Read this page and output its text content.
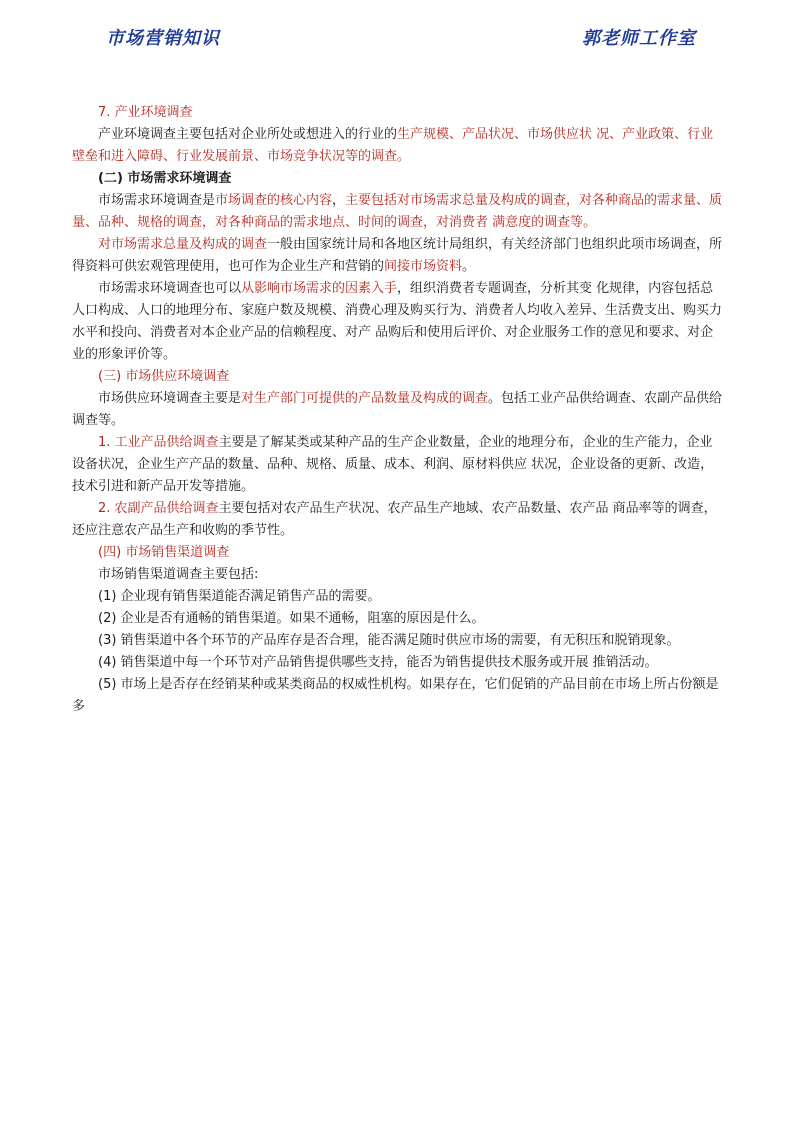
市场营销知识	郭老师工作室

7. 产业环境调查

产业环境调查主要包括对企业所处或想进入的行业的生产规模、产品状况、市场供应状 况、产业政策、行业壁垒和进入障碍、行业发展前景、市场竞争状况等的调查。

(二) 市场需求环境调查

市场需求环境调查是市场调查的核心内容，主要包括对市场需求总量及构成的调查，对各种商品的需求量、质量、品种、规格的调查，对各种商品的需求地点、时间的调查，对消费者 满意度的调查等。

对市场需求总量及构成的调查一般由国家统计局和各地区统计局组织，有关经济部门也组织此项市场调查，所得资料可供宏观管理使用，也可作为企业生产和营销的间接市场资料。

市场需求环境调查也可以从影响市场需求的因素入手，组织消费者专题调查，分析其变 化规律，内容包括总人口构成、人口的地理分布、家庭户数及规模、消费心理及购买行为、消费者人均收入差异、生活费支出、购买力水平和投向、消费者对本企业产品的信赖程度、对产 品购后和使用后评价、对企业服务工作的意见和要求、对企业的形象评价等。

(三) 市场供应环境调查

市场供应环境调查主要是对生产部门可提供的产品数量及构成的调查。包括工业产品供给调查、农副产品供给调查等。

1. 工业产品供给调查主要是了解某类或某种产品的生产企业数量，企业的地理分布，企业的生产能力，企业设备状况，企业生产产品的数量、品种、规格、质量、成本、利润、原材料供应 状况，企业设备的更新、改造，技术引进和新产品开发等措施。

2. 农副产品供给调查主要包括对农产品生产状况、农产品生产地域、农产品数量、农产品 商品率等的调查，还应注意农产品生产和收购的季节性。

(四) 市场销售渠道调查

市场销售渠道调查主要包括:

(1) 企业现有销售渠道能否满足销售产品的需要。

(2) 企业是否有通畅的销售渠道。如果不通畅，阻塞的原因是什么。

(3) 销售渠道中各个环节的产品库存是否合理，能否满足随时供应市场的需要，有无积压和脱销现象。

(4) 销售渠道中每一个环节对产品销售提供哪些支持，能否为销售提供技术服务或开展 推销活动。

(5) 市场上是否存在经销某种或某类商品的权威性机构。如果存在，它们促销的产品目前在市场上所占份额是多
